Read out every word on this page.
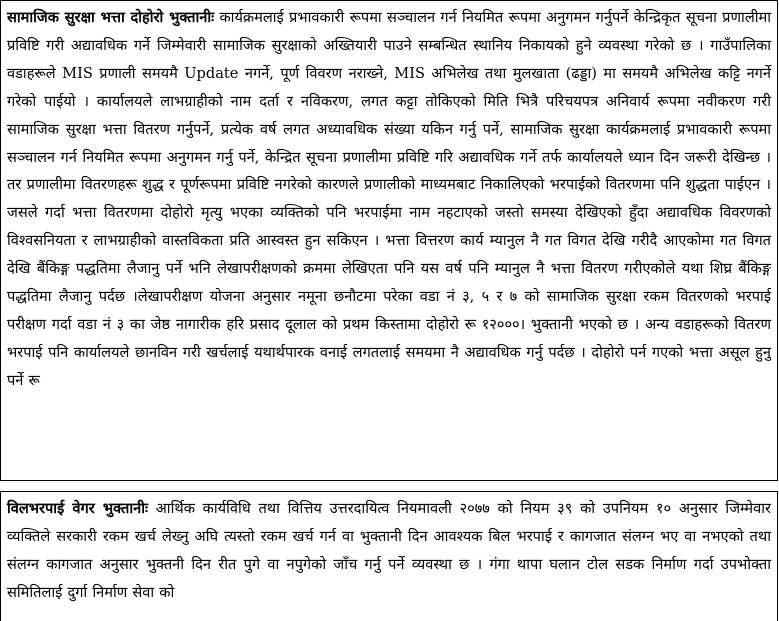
सामाजिक सुरक्षा भत्ता दोहोरो भुक्तानीः कार्यक्रमलाई प्रभावकारी रूपमा सञ्चालन गर्न नियमित रूपमा अनुगमन गर्नुपर्ने केन्द्रिकृत सूचना प्रणालीमा प्रविष्टि गरी अद्यावधिक गर्ने जिम्मेवारी सामाजिक सुरक्षाको अख्तियारी पाउने सम्बन्धित स्थानिय निकायको हुने व्यवस्था गरेको छ । गाउँपालिका वडाहरूले MIS प्रणाली समयमै Update नगर्ने, पूर्ण विवरण नराख्ने, MIS अभिलेख तथा मुलखाता (ढड्डा) मा समयमै अभिलेख कट्टि नगर्ने गरेको पाईयो । कार्यालयले लाभग्राहीको नाम दर्ता र नविकरण, लगत कट्टा तोकिएको मिति भित्रै परिचयपत्र अनिवार्य रूपमा नवीकरण गरी सामाजिक सुरक्षा भत्ता वितरण गर्नुपर्ने, प्रत्येक वर्ष लगत अध्यावधिक संख्या यकिन गर्नु पर्ने, सामाजिक सुरक्षा कार्यक्रमलाई प्रभावकारी रूपमा सञ्चालन गर्न नियमित रूपमा अनुगमन गर्नु पर्ने, केन्द्रित सूचना प्रणालीमा प्रविष्टि गरि अद्यावधिक गर्ने तर्फ कार्यालयले ध्यान दिन जरूरी देखिन्छ ।तर प्रणालीमा वितरणहरू शुद्ध र पूर्णरूपमा प्रविष्टि नगरेको कारणले प्रणालीको माध्यमबाट निकालिएको भरपाईको वितरणमा पनि शुद्धता पाईएन । जसले गर्दा भत्ता वितरणमा दोहोरो मृत्यु भएका व्यक्तिको पनि भरपाईमा नाम नहटाएको जस्तो समस्या देखिएको हुँदा अद्यावधिक विवरणको विश्वसनियता र लाभग्राहीको वास्तविकता प्रति आस्वस्त हुन सकिएन । भत्ता वित्तरण कार्य म्यानुल नै गत विगत देखि गरीदै आएकोमा गत विगत देखि बैंकिङ्ग पद्धतिमा लैजानु पर्ने भनि लेखापरीक्षणको क्रममा लेखिएता पनि यस वर्ष पनि म्यानुल नै भत्ता वितरण गरीएकोले यथा शिघ्र बैंकिङ्ग पद्धतिमा लैजानु पर्दछ ।लेखापरीक्षण योजना अनुसार नमूना छनौटमा परेका वडा नं ३, ५ र ७ को सामाजिक सुरक्षा रकम वितरणको भरपाई परीक्षण गर्दा वडा नं ३ का जेष्ठ नागारीक हरि प्रसाद दूलाल को प्रथम किस्तामा दोहोरो रू १२०००। भुक्तानी भएको छ । अन्य वडाहरूको वितरण भरपाई पनि कार्यालयले छानविन गरी खर्चलाई यथार्थपारक वनाई लगतलाई समयमा नै अद्यावधिक गर्नु पर्दछ । दोहोरो पर्न गएको भत्ता असूल हुनु पर्ने रू

विलभरपाई वेगर भुक्तानीः आर्थिक कार्यविधि तथा वित्तिय उत्तरदायित्व नियमावली २०७७ को नियम ३९ को उपनियम १० अनुसार जिम्मेवार व्यक्तिले सरकारी रकम खर्च लेख्नु अघि त्यस्तो रकम खर्च गर्न वा भुक्तानी दिन आवश्यक बिल भरपाई र कागजात संलग्न भए वा नभएको तथा संलग्न कागजात अनुसार भुक्तनी दिन रीत पुगे वा नपुगेको जाँच गर्नु पर्ने व्यवस्था छ । गंगा थापा घलान टोल सडक निर्माण गर्दा उपभोक्ता समितिलाई दुर्गा निर्माण सेवा को
